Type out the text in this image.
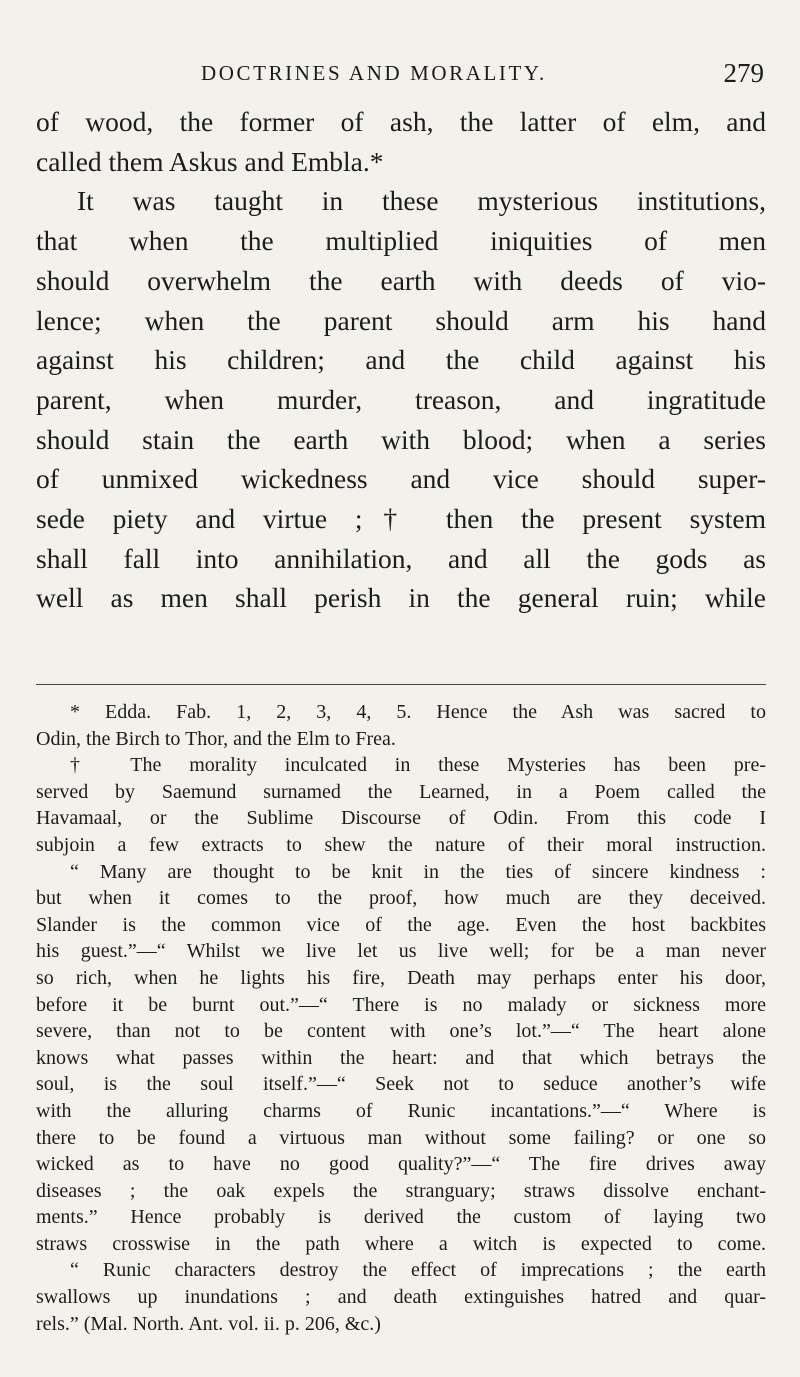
DOCTRINES AND MORALITY.	279
of wood, the former of ash, the latter of elm, and
called them Askus and Embla.*
It was taught in these mysterious institutions,
that when the multiplied iniquities of men
should overwhelm the earth with deeds of vio-
lence; when the parent should arm his hand
against his children; and the child against his
parent, when murder, treason, and ingratitude
should stain the earth with blood; when a series
of unmixed wickedness and vice should super-
sede piety and virtue ;† then the present system
shall fall into annihilation, and all the gods as
well as men shall perish in the general ruin; while
* Edda. Fab. 1, 2, 3, 4, 5. Hence the Ash was sacred to
Odin, the Birch to Thor, and the Elm to Frea.
† The morality inculcated in these Mysteries has been pre-
served by Saemund surnamed the Learned, in a Poem called the
Havamaal, or the Sublime Discourse of Odin. From this code I
subjoin a few extracts to shew the nature of their moral instruction.
“ Many are thought to be knit in the ties of sincere kindness :
but when it comes to the proof, how much are they deceived.
Slander is the common vice of the age. Even the host backbites
his guest.”—“ Whilst we live let us live well; for be a man never
so rich, when he lights his fire, Death may perhaps enter his door,
before it be burnt out.”—“ There is no malady or sickness more
severe, than not to be content with one’s lot.”—“ The heart alone
knows what passes within the heart: and that which betrays the
soul, is the soul itself.”—“ Seek not to seduce another’s wife
with the alluring charms of Runic incantations.”—“ Where is
there to be found a virtuous man without some failing? or one so
wicked as to have no good quality?”—“ The fire drives away
diseases ; the oak expels the stranguary; straws dissolve enchant-
ments.” Hence probably is derived the custom of laying two
straws crosswise in the path where a witch is expected to come.
“ Runic characters destroy the effect of imprecations ; the earth
swallows up inundations ; and death extinguishes hatred and quar-
rels.” (Mal. North. Ant. vol. ii. p. 206, &c.)
